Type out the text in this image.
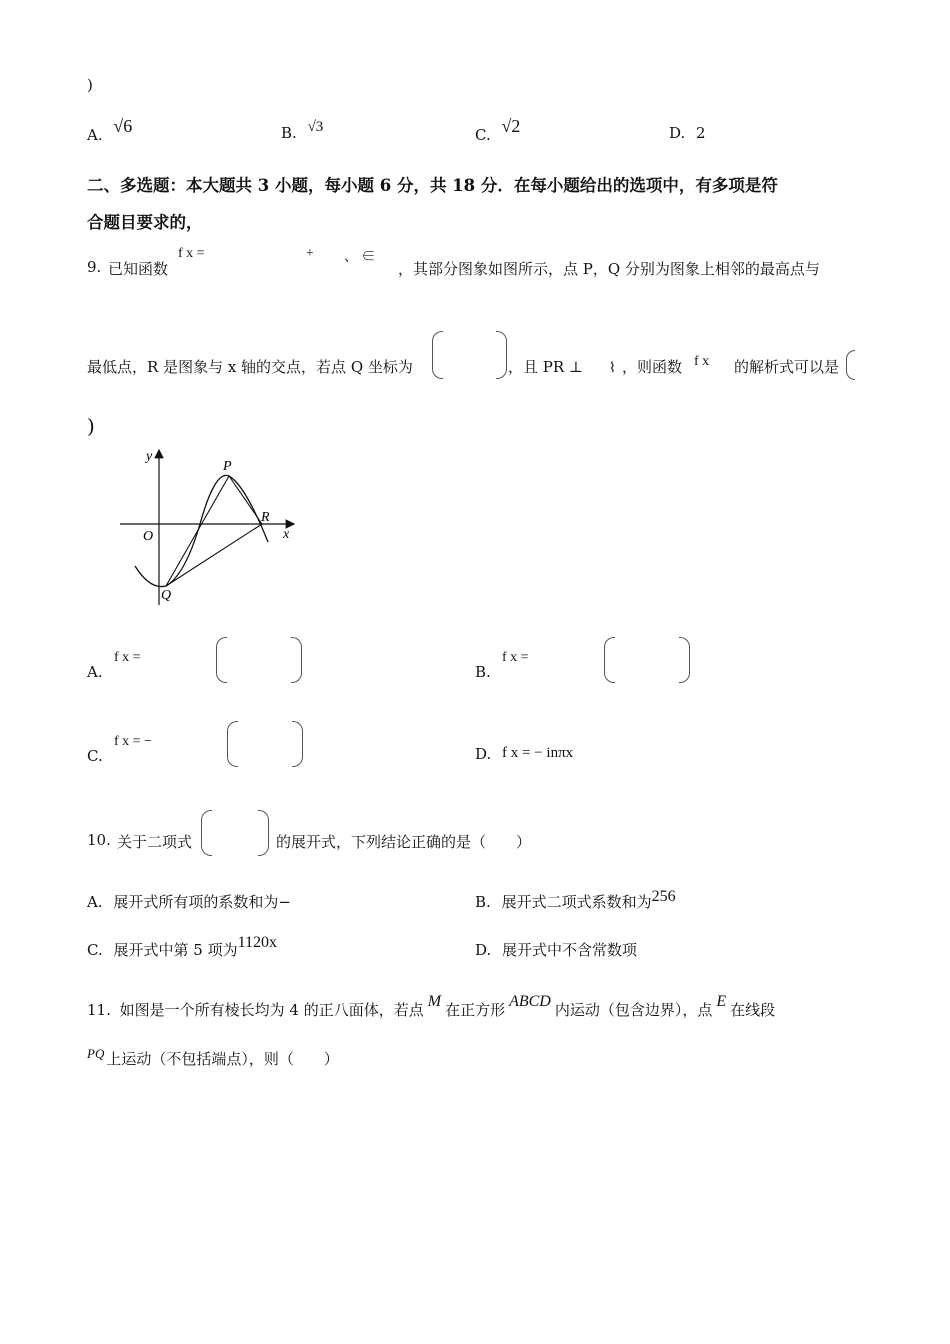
)
A. √6	B. √3	C. √2	D. 2
二、多选题：本大题共 3 小题，每小题 6 分，共 18 分．在每小题给出的选项中，有多项是符
合题目要求的，
9. 已知函数
f x =	+ 、 ∈
，其部分图象如图所示，点 P，Q 分别为图象上相邻的最高点与
最低点，R 是图象与 x 轴的交点，若点 Q 坐标为	，且 PR ⊥ ⌇ ，则函数 f x 的解析式可以是
)
y
x
O
P
Q
R
A.
f x =
B.
f x =
C.
f x = −
D. f x = − inπx
10. 关于二项式	的展开式，下列结论正确的是（　　）
A. 展开式所有项的系数和为−	B. 展开式二项式系数和为256
C. 展开式中第 5 项为1120x	D. 展开式中不含常数项
11. 如图是一个所有棱长均为 4 的正八面体，若点 M 在正方形 ABCD 内运动（包含边界），点 E 在线段
PQ 上运动（不包括端点），则（　　）
